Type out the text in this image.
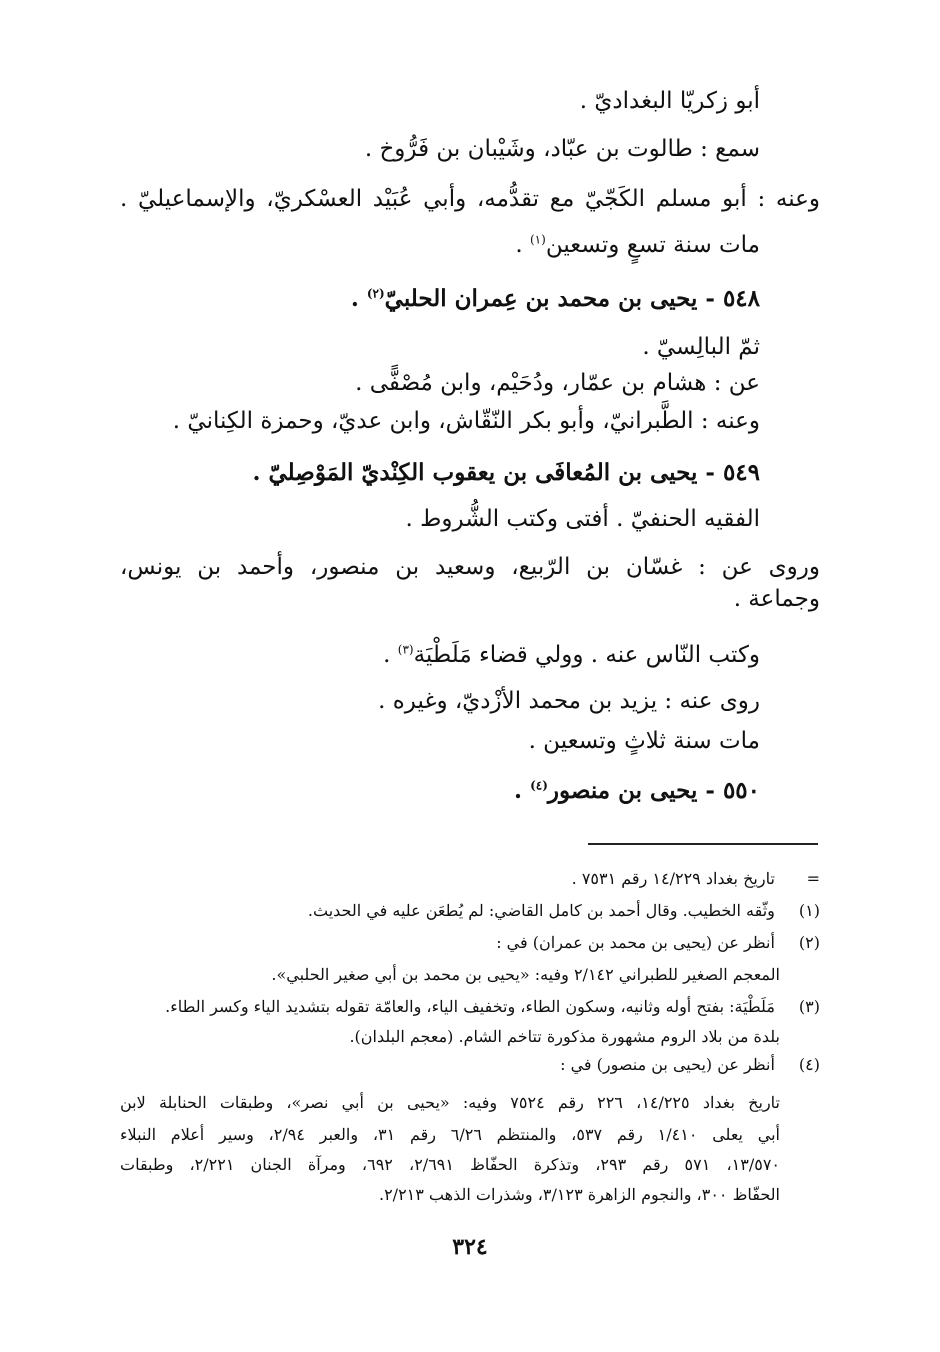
أبو زكريّا البغداديّ .
سمع : طالوت بن عبّاد، وشَيْبان بن فَرُّوخ .
وعنه : أبو مسلم الكَجّيّ مع تقدُّمه، وأبي عُبَيْد العسْكريّ، والإسماعيليّ .
مات سنة تسعٍ وتسعين$^{(١)}$ .
٥٤٨ - يحيى بن محمد بن عِمران الحلبيّ$^{(٢)}$ .
ثمّ البالِسيّ .
عن : هشام بن عمّار، ودُحَيْم، وابن مُصْفًّى .
وعنه : الطَّبرانيّ، وأبو بكر النّقّاش، وابن عديّ، وحمزة الكِنانيّ .
٥٤٩ - يحيى بن المُعافَى بن يعقوب الكِنْديّ المَوْصِليّ .
الفقيه الحنفيّ . أفتى وكتب الشُّروط .
وروى عن : غسّان بن الرّبيع، وسعيد بن منصور، وأحمد بن يونس،
وجماعة .
وكتب النّاس عنه . وولي قضاء مَلَطْيَة$^{(٣)}$ .
روى عنه : يزيد بن محمد الأزْديّ، وغيره .
مات سنة ثلاثٍ وتسعين .
٥٥٠ - يحيى بن منصور$^{(٤)}$ .
= تاريخ بغداد ١٤/٢٢٩ رقم ٧٥٣١ .
(١) وثّقه الخطيب. وقال أحمد بن كامل القاضي: لم يُطعَن عليه في الحديث.
(٢) أنظر عن (يحيى بن محمد بن عمران) في :
المعجم الصغير للطبراني ٢/١٤٢ وفيه: «يحيى بن محمد بن أبي صغير الحلبي».
(٣) مَلَطْيَة: بفتح أوله وثانيه، وسكون الطاء، وتخفيف الياء، والعامّة تقوله بتشديد الياء وكسر الطاء.
بلدة من بلاد الروم مشهورة مذكورة تتاخم الشام. (معجم البلدان).
(٤) أنظر عن (يحيى بن منصور) في :
تاريخ بغداد ١٤/٢٢٥، ٢٢٦ رقم ٧٥٢٤ وفيه: «يحيى بن أبي نصر»، وطبقات الحنابلة لابن
أبي يعلى ١/٤١٠ رقم ٥٣٧، والمنتظم ٦/٢٦ رقم ٣١، والعبر ٢/٩٤، وسير أعلام النبلاء
١٣/٥٧٠، ٥٧١ رقم ٢٩٣، وتذكرة الحفّاظ ٢/٦٩١، ٦٩٢، ومرآة الجنان ٢/٢٢١، وطبقات
الحفّاظ ٣٠٠، والنجوم الزاهرة ٣/١٢٣، وشذرات الذهب ٢/٢١٣.
٣٢٤
